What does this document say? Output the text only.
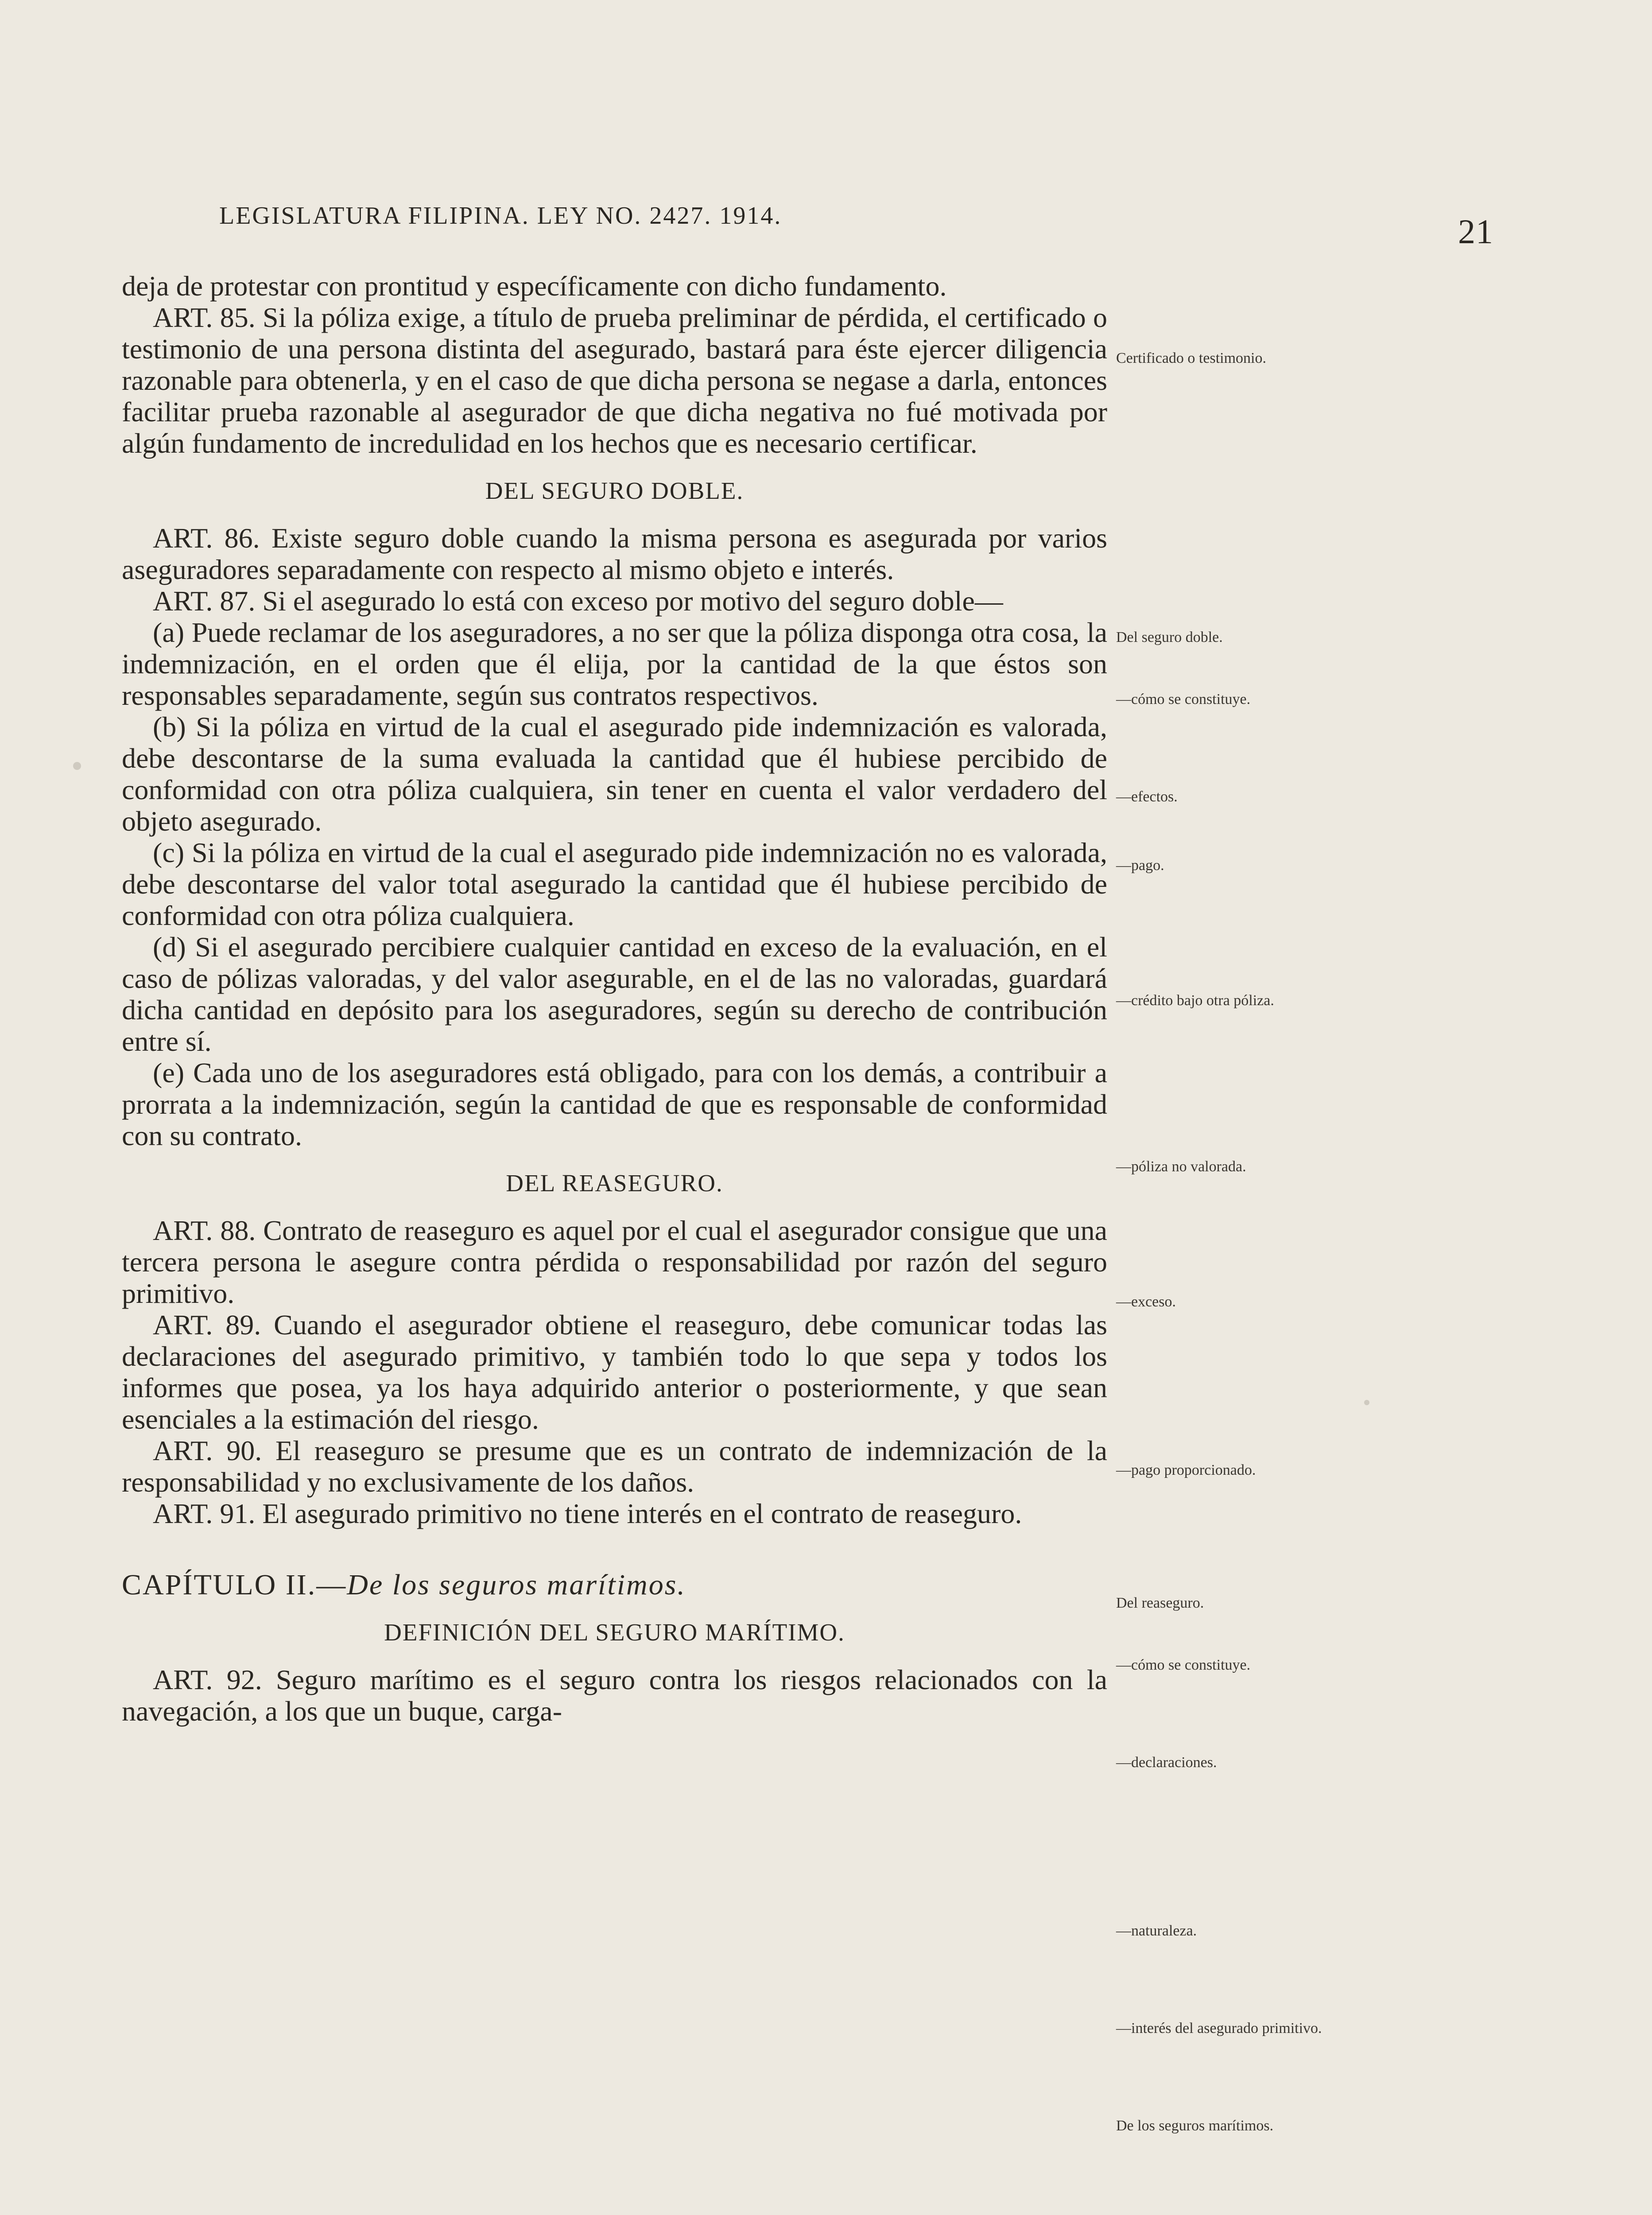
LEGISLATURA FILIPINA. LEY NO. 2427. 1914.	21

deja de protestar con prontitud y específicamente con dicho fundamento.

ART. 85. Si la póliza exige, a título de prueba preliminar de pérdida, el certificado o testimonio de una persona distinta del asegurado, bastará para éste ejercer diligencia razonable para obtenerla, y en el caso de que dicha persona se negase a darla, entonces facilitar prueba razonable al asegurador de que dicha negativa no fué motivada por algún fundamento de incredulidad en los hechos que es necesario certificar.

DEL SEGURO DOBLE.

ART. 86. Existe seguro doble cuando la misma persona es asegurada por varios aseguradores separadamente con respecto al mismo objeto e interés.

ART. 87. Si el asegurado lo está con exceso por motivo del seguro doble—

(a) Puede reclamar de los aseguradores, a no ser que la póliza disponga otra cosa, la indemnización, en el orden que él elija, por la cantidad de la que éstos son responsables separadamente, según sus contratos respectivos.

(b) Si la póliza en virtud de la cual el asegurado pide indemnización es valorada, debe descontarse de la suma evaluada la cantidad que él hubiese percibido de conformidad con otra póliza cualquiera, sin tener en cuenta el valor verdadero del objeto asegurado.

(c) Si la póliza en virtud de la cual el asegurado pide indemnización no es valorada, debe descontarse del valor total asegurado la cantidad que él hubiese percibido de conformidad con otra póliza cualquiera.

(d) Si el asegurado percibiere cualquier cantidad en exceso de la evaluación, en el caso de pólizas valoradas, y del valor asegurable, en el de las no valoradas, guardará dicha cantidad en depósito para los aseguradores, según su derecho de contribución entre sí.

(e) Cada uno de los aseguradores está obligado, para con los demás, a contribuir a prorrata a la indemnización, según la cantidad de que es responsable de conformidad con su contrato.

DEL REASEGURO.

ART. 88. Contrato de reaseguro es aquel por el cual el asegurador consigue que una tercera persona le asegure contra pérdida o responsabilidad por razón del seguro primitivo.

ART. 89. Cuando el asegurador obtiene el reaseguro, debe comunicar todas las declaraciones del asegurado primitivo, y también todo lo que sepa y todos los informes que posea, ya los haya adquirido anterior o posteriormente, y que sean esenciales a la estimación del riesgo.

ART. 90. El reaseguro se presume que es un contrato de indemnización de la responsabilidad y no exclusivamente de los daños.

ART. 91. El asegurado primitivo no tiene interés en el contrato de reaseguro.

CAPÍTULO II.—De los seguros marítimos.

DEFINICIÓN DEL SEGURO MARÍTIMO.

ART. 92. Seguro marítimo es el seguro contra los riesgos relacionados con la navegación, a los que un buque, carga-

Certificado o testimonio.
Del seguro doble.
—cómo se constituye.
—efectos.
—pago.
—crédito bajo otra póliza.
—póliza no valorada.
—exceso.
—pago proporcionado.
Del reaseguro.
—cómo se constituye.
—declaraciones.
—naturaleza.
—interés del asegurado primitivo.
De los seguros marítimos.
